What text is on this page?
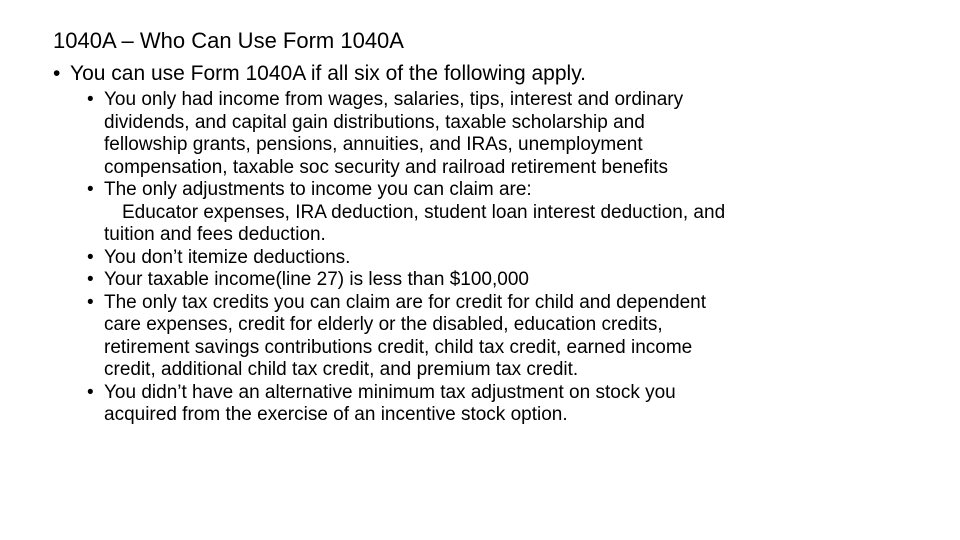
1040A – Who Can Use Form 1040A
• You can use Form 1040A if all six of the following apply.
• You only had income from wages, salaries, tips, interest and ordinary
dividends, and capital gain distributions, taxable scholarship and
fellowship grants, pensions, annuities, and IRAs, unemployment
compensation, taxable soc security and railroad retirement benefits
• The only adjustments to income you can claim are:
Educator expenses, IRA deduction, student loan interest deduction, and
tuition and fees deduction.
• You don’t itemize deductions.
• Your taxable income(line 27) is less than $100,000
• The only tax credits you can claim are for credit for child and dependent
care expenses, credit for elderly or the disabled, education credits,
retirement savings contributions credit, child tax credit, earned income
credit, additional child tax credit, and premium tax credit.
• You didn’t have an alternative minimum tax adjustment on stock you
acquired from the exercise of an incentive stock option.
